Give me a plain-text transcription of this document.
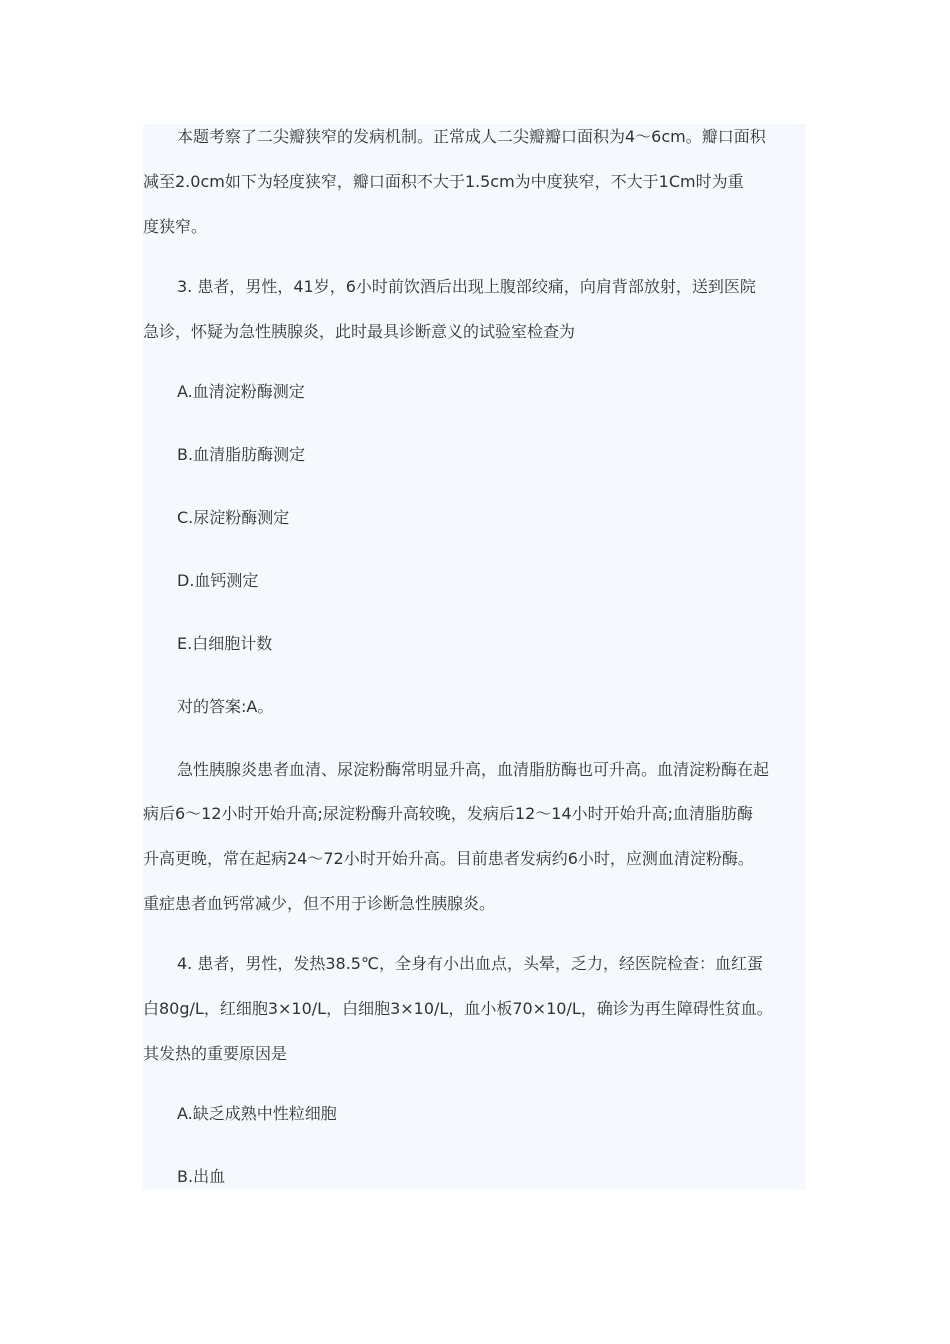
本题考察了二尖瓣狭窄的发病机制。正常成人二尖瓣瓣口面积为4～6cm。瓣口面积

减至2.0cm如下为轻度狭窄，瓣口面积不大于1.5cm为中度狭窄，不大于1Cm时为重

度狭窄。

3. 患者，男性，41岁，6小时前饮酒后出现上腹部绞痛，向肩背部放射，送到医院

急诊，怀疑为急性胰腺炎，此时最具诊断意义的试验室检查为

A.血清淀粉酶测定

B.血清脂肪酶测定

C.尿淀粉酶测定

D.血钙测定

E.白细胞计数

对的答案:A。

急性胰腺炎患者血清、尿淀粉酶常明显升高，血清脂肪酶也可升高。血清淀粉酶在起

病后6～12小时开始升高;尿淀粉酶升高较晚，发病后12～14小时开始升高;血清脂肪酶

升高更晚，常在起病24～72小时开始升高。目前患者发病约6小时，应测血清淀粉酶。

重症患者血钙常减少，但不用于诊断急性胰腺炎。

4. 患者，男性，发热38.5℃，全身有小出血点，头晕，乏力，经医院检查：血红蛋

白80g/L，红细胞3×10/L，白细胞3×10/L，血小板70×10/L，确诊为再生障碍性贫血。

其发热的重要原因是

A.缺乏成熟中性粒细胞

B.出血
